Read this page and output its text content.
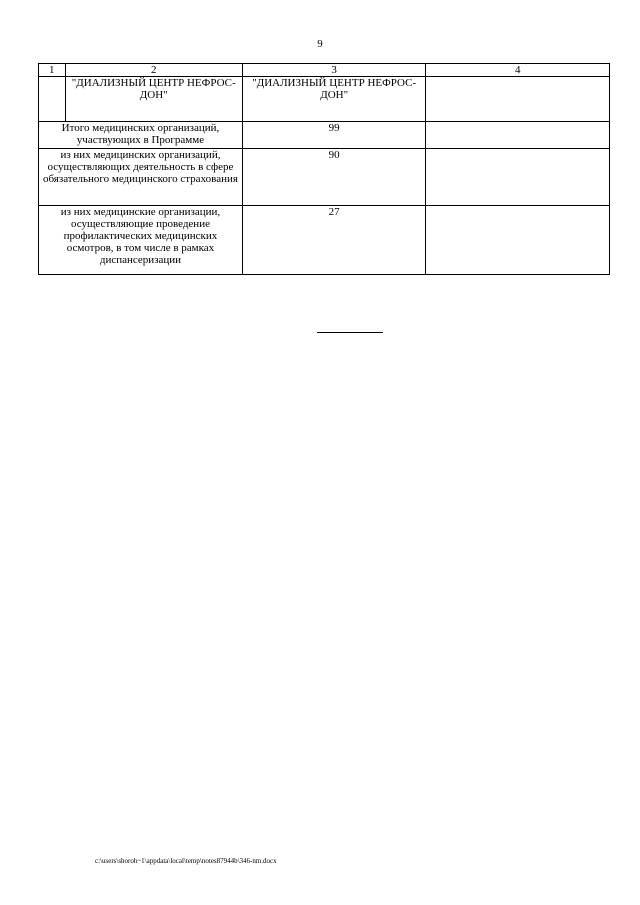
9
1	2	3	4
	"ДИАЛИЗНЫЙ ЦЕНТР НЕФРОС-ДОН"	"ДИАЛИЗНЫЙ ЦЕНТР НЕФРОС-ДОН"	
Итого медицинских организаций, участвующих в Программе		99	
из них медицинских организаций, осуществляющих деятельность в сфере обязательного медицинского страхования		90	
из них медицинские организации, осуществляющие проведение профилактических медицинских осмотров, в том числе в рамках диспансеризации		27	
c:\users\shoroh~1\appdata\local\temp\notes87944b\346-nm.docx
